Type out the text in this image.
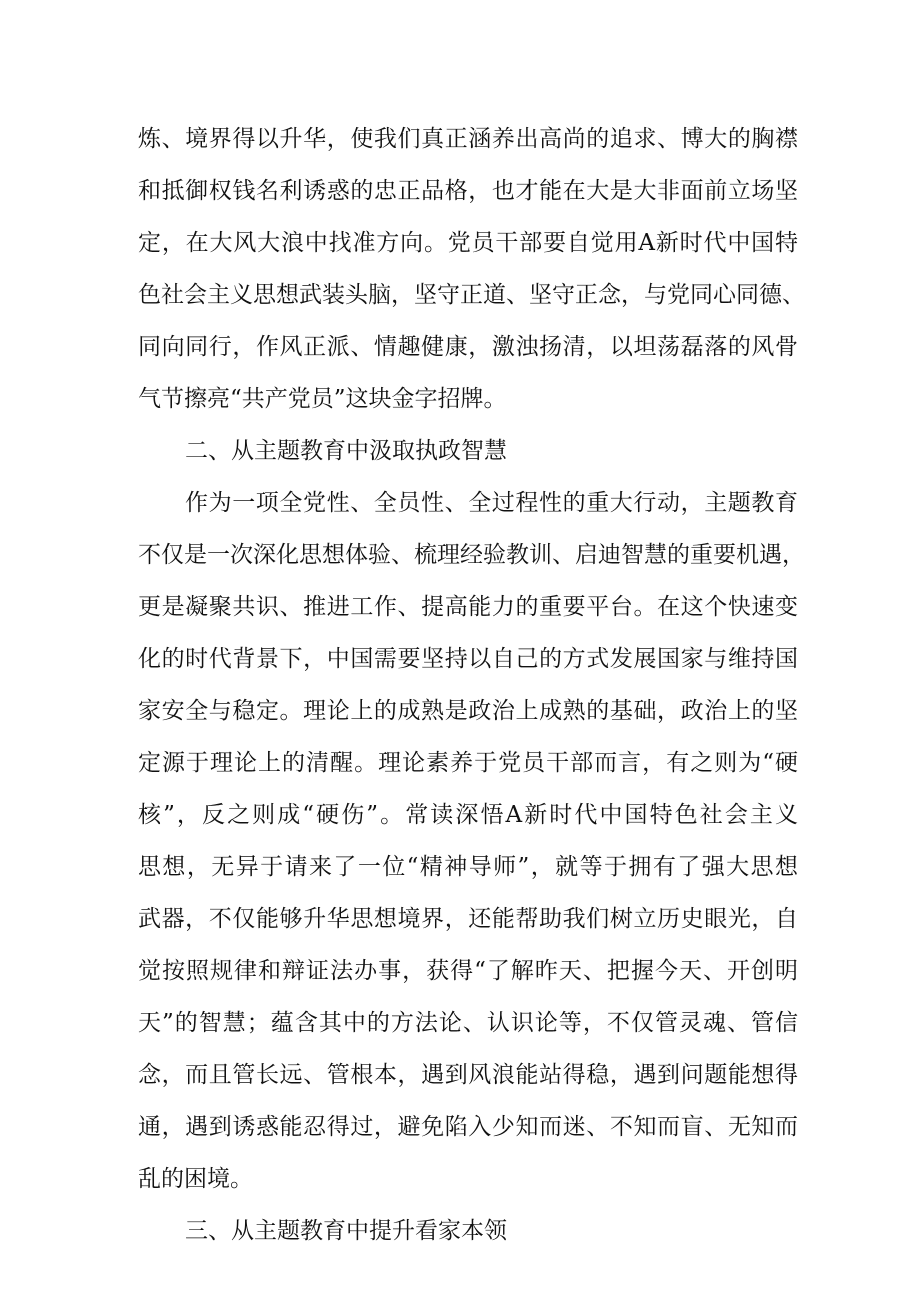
炼、境界得以升华，使我们真正涵养出高尚的追求、博大的胸襟
和抵御权钱名利诱惑的忠正品格，也才能在大是大非面前立场坚
定，在大风大浪中找准方向。党员干部要自觉用A新时代中国特
色社会主义思想武装头脑，坚守正道、坚守正念，与党同心同德、
同向同行，作风正派、情趣健康，激浊扬清，以坦荡磊落的风骨
气节擦亮“共产党员”这块金字招牌。
二、从主题教育中汲取执政智慧
作为一项全党性、全员性、全过程性的重大行动，主题教育
不仅是一次深化思想体验、梳理经验教训、启迪智慧的重要机遇，
更是凝聚共识、推进工作、提高能力的重要平台。在这个快速变
化的时代背景下，中国需要坚持以自己的方式发展国家与维持国
家安全与稳定。理论上的成熟是政治上成熟的基础，政治上的坚
定源于理论上的清醒。理论素养于党员干部而言，有之则为“硬
核”，反之则成“硬伤”。常读深悟A新时代中国特色社会主义
思想，无异于请来了一位“精神导师”，就等于拥有了强大思想
武器，不仅能够升华思想境界，还能帮助我们树立历史眼光，自
觉按照规律和辩证法办事，获得“了解昨天、把握今天、开创明
天”的智慧；蕴含其中的方法论、认识论等，不仅管灵魂、管信
念，而且管长远、管根本，遇到风浪能站得稳，遇到问题能想得
通，遇到诱惑能忍得过，避免陷入少知而迷、不知而盲、无知而
乱的困境。
三、从主题教育中提升看家本领
